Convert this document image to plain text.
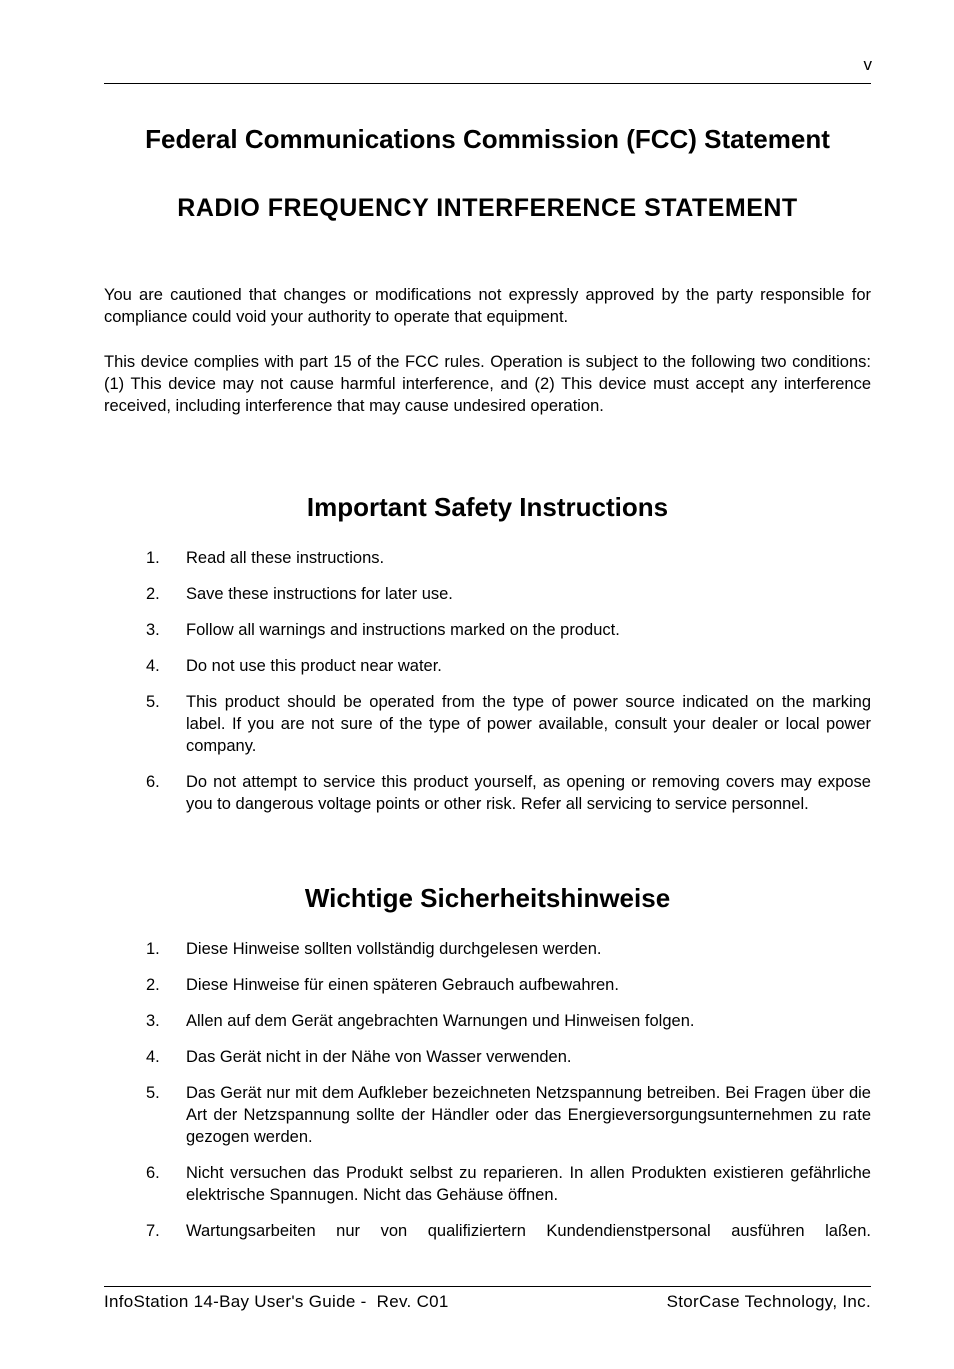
v
Federal Communications Commission (FCC) Statement
RADIO FREQUENCY INTERFERENCE STATEMENT
You are cautioned that changes or modifications not expressly approved by the party responsible for compliance could void your authority to operate that equipment.
This device complies with part 15 of the FCC rules. Operation is subject to the following two conditions: (1) This device may not cause harmful interference, and (2) This device must accept any interference received, including interference that may cause undesired operation.
Important Safety Instructions
1.	Read all these instructions.
2.	Save these instructions for later use.
3.	Follow all warnings and instructions marked on the product.
4.	Do not use this product near water.
5.	This product should be operated from the type of power source indicated on the marking label. If you are not sure of the type of power available, consult your dealer or local power company.
6.	Do not attempt to service this product yourself, as opening or removing covers may expose you to dangerous voltage points or other risk. Refer all servicing to service personnel.
Wichtige Sicherheitshinweise
1.	Diese Hinweise sollten vollständig durchgelesen werden.
2.	Diese Hinweise für einen späteren Gebrauch aufbewahren.
3.	Allen auf dem Gerät angebrachten Warnungen und Hinweisen folgen.
4.	Das Gerät nicht in der Nähe von Wasser verwenden.
5.	Das Gerät nur mit dem Aufkleber bezeichneten Netzspannung betreiben. Bei Fragen über die Art der Netzspannung sollte der Händler oder das Energieversorgungsunternehmen zu rate gezogen werden.
6.	Nicht versuchen das Produkt selbst zu reparieren. In allen Produkten existieren gefährliche elektrische Spannugen. Nicht das Gehäuse öffnen.
7.	Wartungsarbeiten nur von qualifiziertern Kundendienstpersonal ausführen laßen.
InfoStation 14-Bay User's Guide -  Rev. C01	StorCase Technology, Inc.
